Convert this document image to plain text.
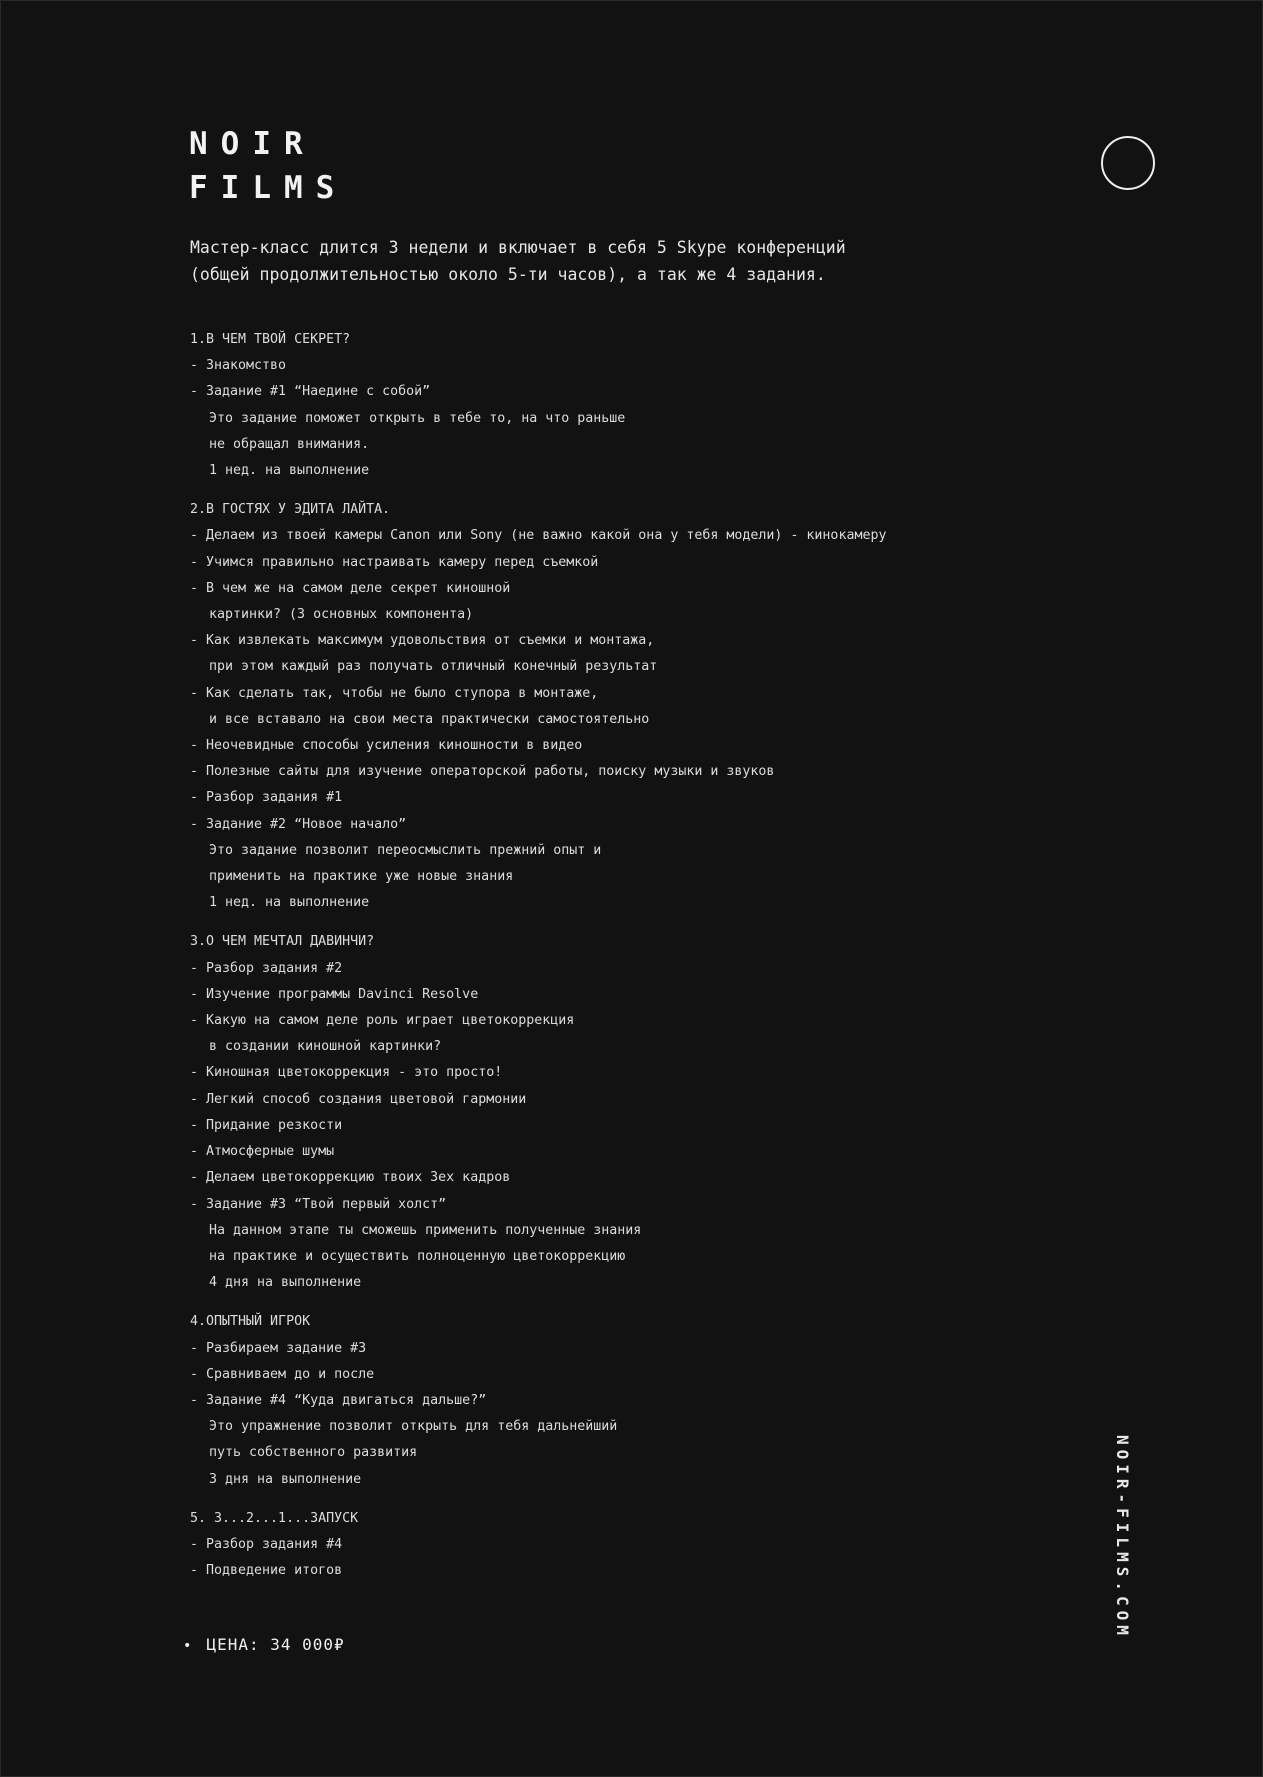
NOIR
FILMS
Мастер-класс длится 3 недели и включает в себя 5 Skype конференций
(общей продолжительностью около 5-ти часов), а так же 4 задания.
1.В ЧЕМ ТВОЙ СЕКРЕТ?
- Знакомство
- Задание #1 “Наедине с собой”
Это задание поможет открыть в тебе то, на что раньше
не обращал внимания.
1 нед. на выполнение
2.В ГОСТЯХ У ЭДИТА ЛАЙТА.
- Делаем из твоей камеры Canon или Sony (не важно какой она у тебя модели) - кинокамеру
- Учимся правильно настраивать камеру перед съемкой
- В чем же на самом деле секрет киношной
картинки? (3 основных компонента)
- Как извлекать максимум удовольствия от съемки и монтажа,
при этом каждый раз получать отличный конечный результат
- Как сделать так, чтобы не было ступора в монтаже,
и все вставало на свои места практически самостоятельно
- Неочевидные способы усиления киношности в видео
- Полезные сайты для изучение операторской работы, поиску музыки и звуков
- Разбор задания #1
- Задание #2 “Новое начало”
Это задание позволит переосмыслить прежний опыт и
применить на практике уже новые знания
1 нед. на выполнение
3.О ЧЕМ МЕЧТАЛ ДАВИНЧИ?
- Разбор задания #2
- Изучение программы Davinci Resolve
- Какую на самом деле роль играет цветокоррекция
в создании киношной картинки?
- Киношная цветокоррекция - это просто!
- Легкий способ создания цветовой гармонии
- Придание резкости
- Атмосферные шумы
- Делаем цветокоррекцию твоих 3ех кадров
- Задание #3 “Твой первый холст”
На данном этапе ты сможешь применить полученные знания
на практике и осуществить полноценную цветокоррекцию
4 дня на выполнение
4.ОПЫТНЫЙ ИГРОК
- Разбираем задание #3
- Сравниваем до и после
- Задание #4 “Куда двигаться дальше?”
Это упражнение позволит открыть для тебя дальнейший
путь собственного развития
3 дня на выполнение
5. 3...2...1...ЗАПУСК
- Разбор задания #4
- Подведение итогов
• ЦЕНА: 34 000₽
NOIR-FILMS.COM
